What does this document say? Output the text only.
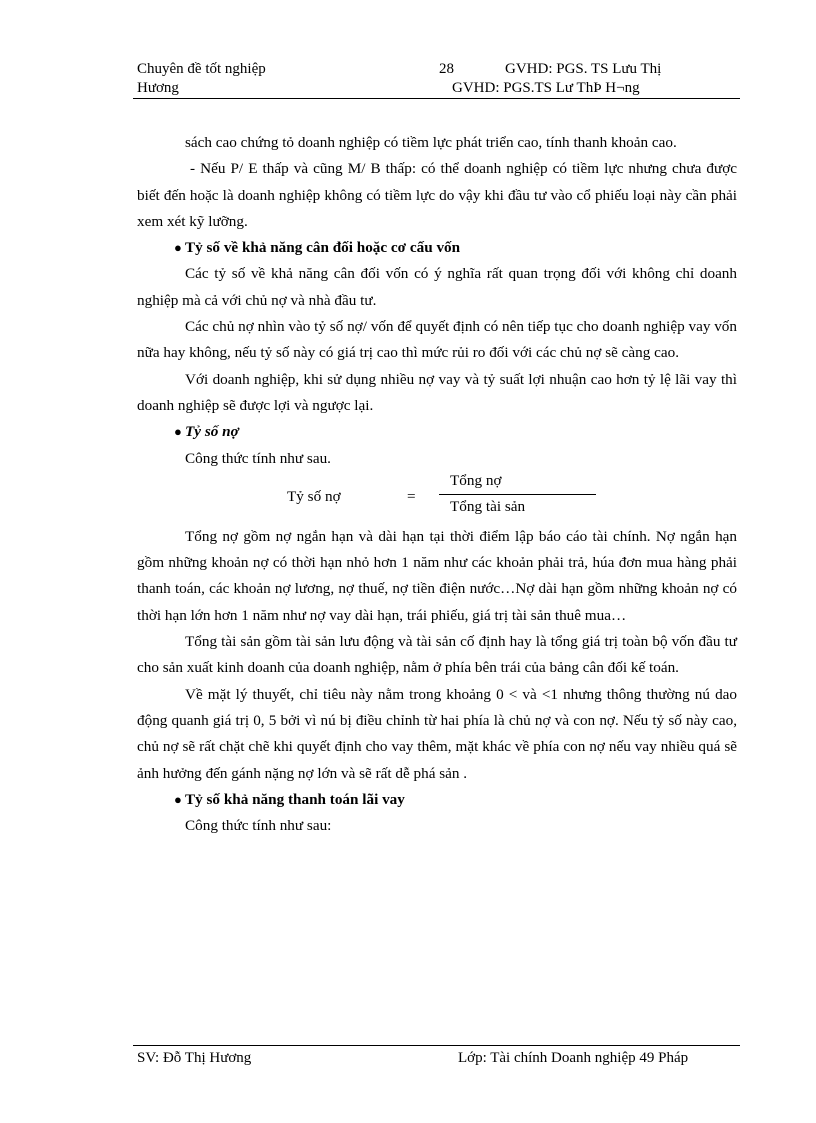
Chuyên đề tốt nghiệp
Hương
28	GVHD: PGS. TS Lưu Thị
GVHD: PGS.TS Lư ThÞ H¬ng

sách cao chứng tỏ doanh nghiệp có tiềm lực phát triển cao, tính thanh khoản cao.

- Nếu P/ E thấp và cũng M/ B thấp: có thể doanh nghiệp có tiềm lực nhưng chưa được biết đến hoặc là doanh nghiệp không có tiềm lực do vậy khi đầu tư vào cổ phiếu loại này cần phải xem xét kỹ lưỡng.

● Tỷ số về khả năng cân đối hoặc cơ cấu vốn

Các tỷ số về khả năng cân đối vốn có ý nghĩa rất quan trọng đối với không chỉ doanh nghiệp mà cả với chủ nợ và nhà đầu tư.

Các chủ nợ nhìn vào tỷ số nợ/ vốn để quyết định có nên tiếp tục cho doanh nghiệp vay vốn nữa hay không, nếu tỷ số này có giá trị cao thì mức rủi ro đối với các chủ nợ sẽ càng cao.

Với doanh nghiệp, khi sử dụng nhiều nợ vay và tỷ suất lợi nhuận cao hơn tỷ lệ lãi vay thì doanh nghiệp sẽ được lợi và ngược lại.

● Tỷ số nợ

Công thức tính như sau.

Tỷ số nợ	=
Tổng nợ
Tổng tài sản

Tổng nợ gồm nợ ngắn hạn và dài hạn tại thời điểm lập báo cáo tài chính. Nợ ngắn hạn gồm những khoản nợ có thời hạn nhỏ hơn 1 năm như các khoản phải trả, húa đơn mua hàng phải thanh toán, các khoản nợ lương, nợ thuế, nợ tiền điện nước…Nợ dài hạn gồm những khoản nợ có thời hạn lớn hơn 1 năm như nợ vay dài hạn, trái phiếu, giá trị tài sản thuê mua…

Tổng tài sản gồm tài sản lưu động và tài sản cố định hay là tổng giá trị toàn bộ vốn đầu tư cho sản xuất kinh doanh của doanh nghiệp, nằm ở phía bên trái của bảng cân đối kế toán.

Về mặt lý thuyết, chỉ tiêu này nằm trong khoảng 0 < và <1 nhưng thông thường nú dao động quanh giá trị 0, 5 bởi vì nú bị điều chỉnh từ hai phía là chủ nợ và con nợ. Nếu tỷ số này cao, chủ nợ sẽ rất chặt chẽ khi quyết định cho vay thêm, mặt khác về phía con nợ nếu vay nhiều quá sẽ ảnh hưởng đến gánh nặng nợ lớn và sẽ rất dễ phá sản .

● Tỷ số khả năng thanh toán lãi vay

Công thức tính như sau:

SV: Đỗ Thị Hương	Lớp: Tài chính Doanh nghiệp 49 Pháp
